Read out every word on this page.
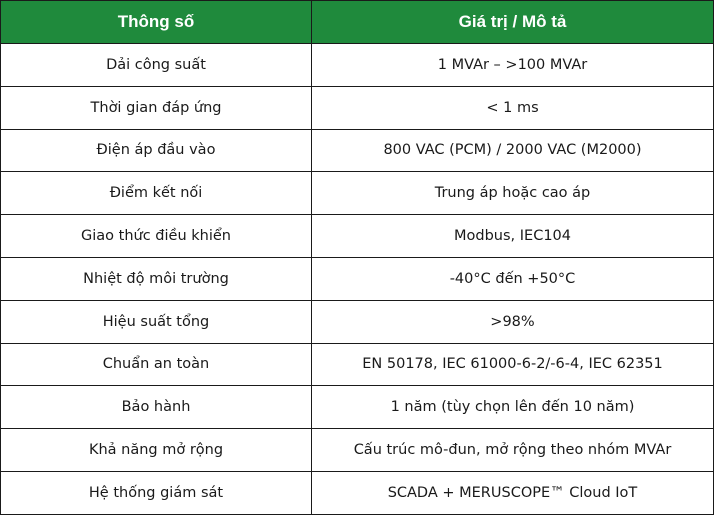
Thông số	Giá trị / Mô tả
Dải công suất	1 MVAr – >100 MVAr
Thời gian đáp ứng	< 1 ms
Điện áp đầu vào	800 VAC (PCM) / 2000 VAC (M2000)
Điểm kết nối	Trung áp hoặc cao áp
Giao thức điều khiển	Modbus, IEC104
Nhiệt độ môi trường	-40°C đến +50°C
Hiệu suất tổng	>98%
Chuẩn an toàn	EN 50178, IEC 61000-6-2/-6-4, IEC 62351
Bảo hành	1 năm (tùy chọn lên đến 10 năm)
Khả năng mở rộng	Cấu trúc mô-đun, mở rộng theo nhóm MVAr
Hệ thống giám sát	SCADA + MERUSCOPE™ Cloud IoT
